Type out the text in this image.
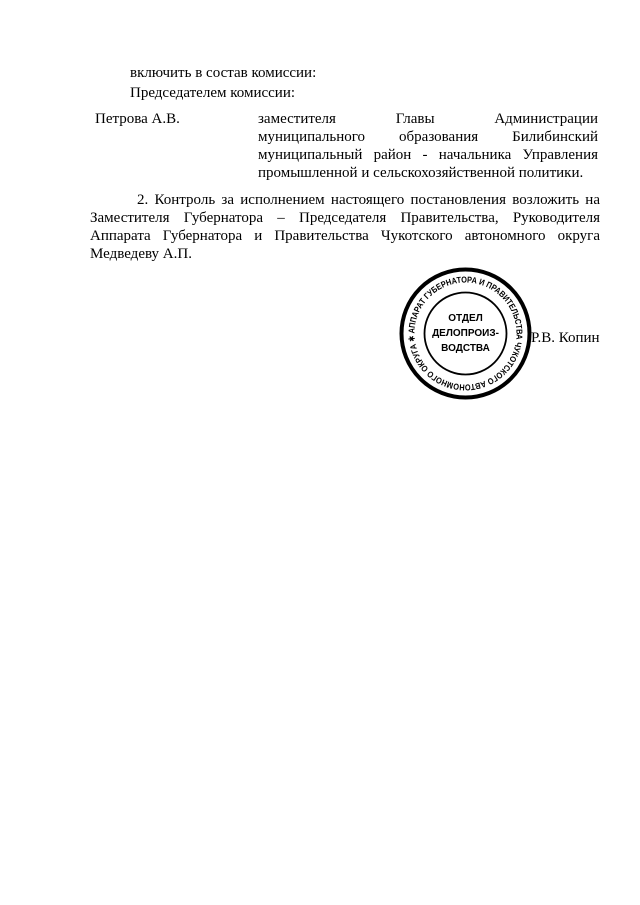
включить в состав комиссии:
Председателем комиссии:
Петрова А.В.	заместителя Главы Администрации
муниципального образования Билибинский
муниципальный район - начальника Управления
промышленной и сельскохозяйственной политики.
2. Контроль за исполнением настоящего постановления возложить на
Заместителя Губернатора – Председателя Правительства, Руководителя
Аппарата Губернатора и Правительства Чукотского автономного округа
Медведеву А.П.
АППАРАТ ГУБЕРНАТОРА И ПРАВИТЕЛЬСТВА ЧУКОТСКОГО АВТОНОМНОГО ОКРУГА ✱
ОТДЕЛ
ДЕЛОПРОИЗ-
ВОДСТВА
Р.В. Копин
